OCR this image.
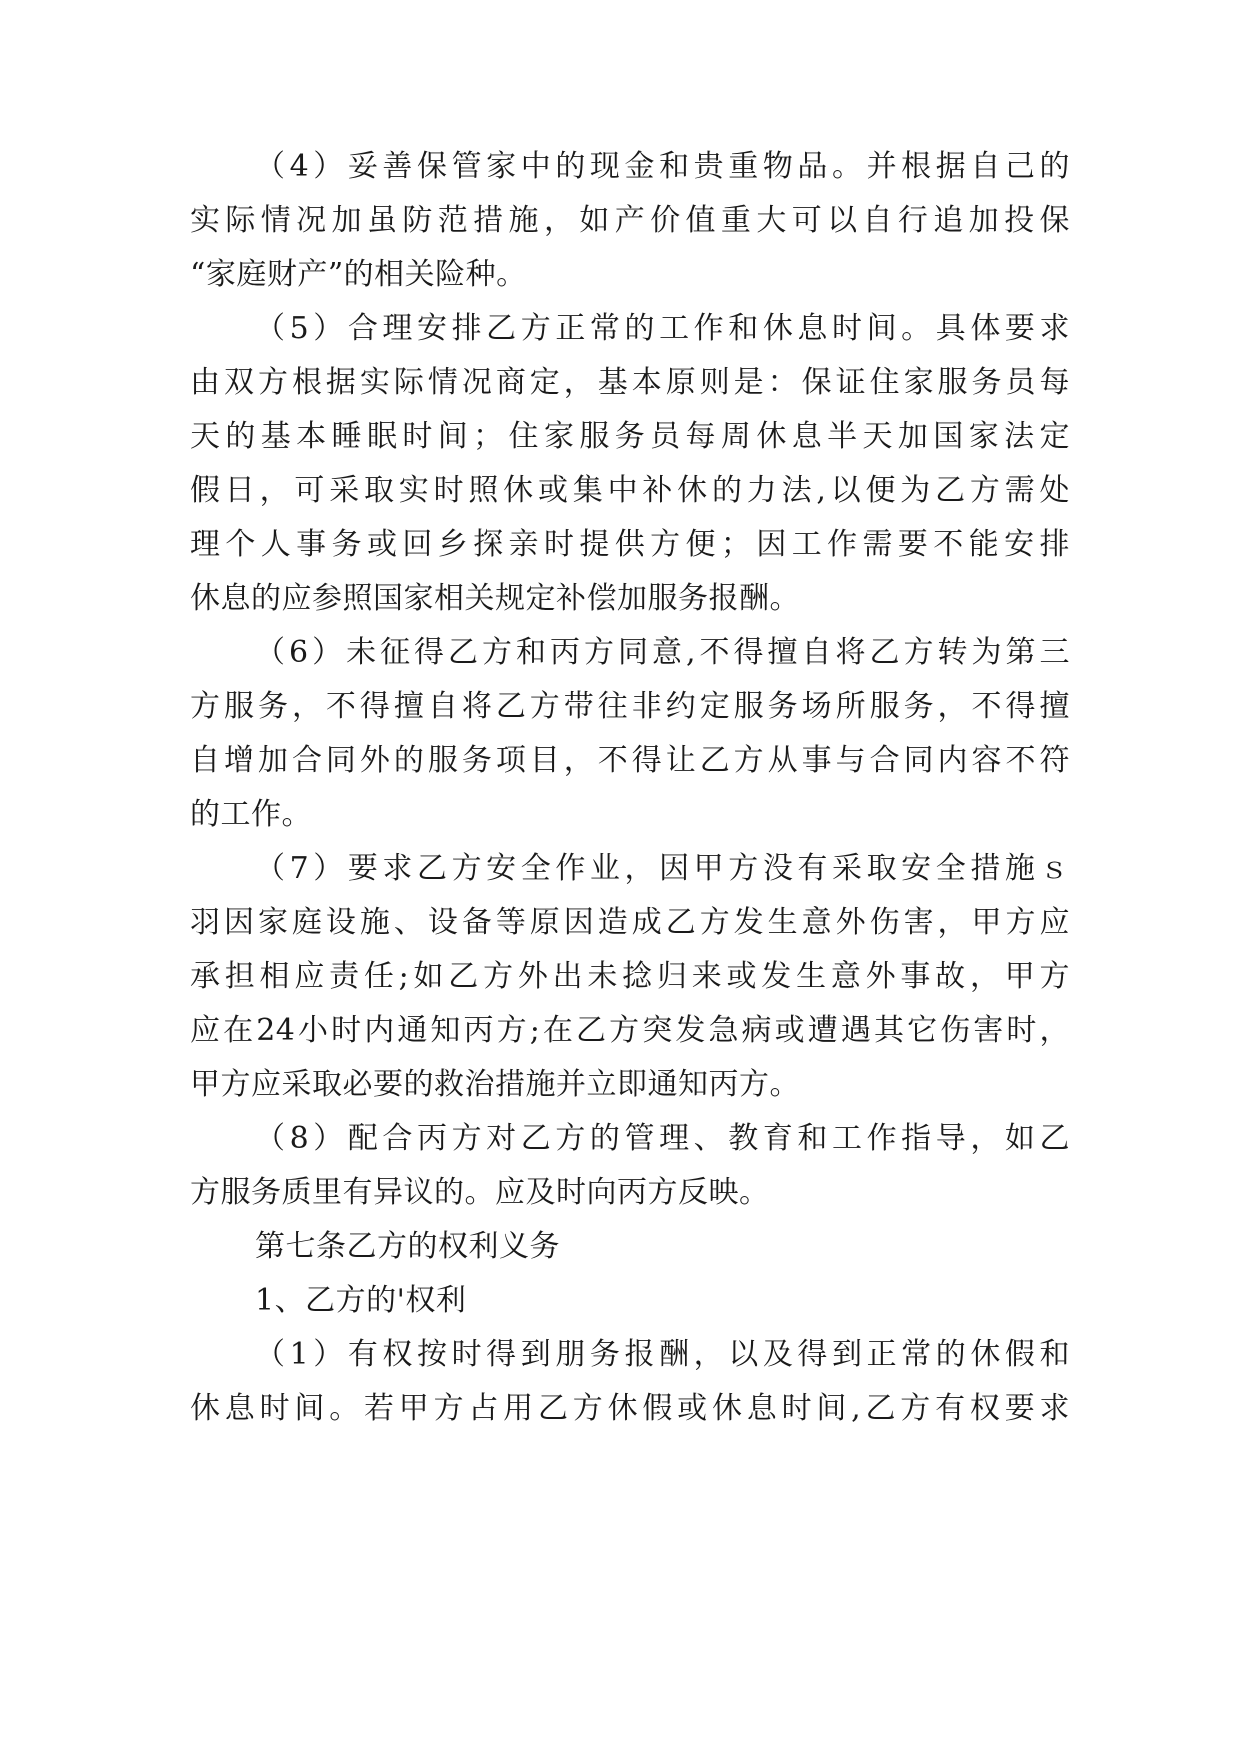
（4）妥善保管家中的现金和贵重物品。并根据自己的
实际情况加虽防范措施，如产价值重大可以自行追加投保
“家庭财产”的相关险种。
（5）合理安排乙方正常的工作和休息时间。具体要求
由双方根据实际情况商定，基本原则是：保证住家服务员每
天的基本睡眠时间；住家服务员每周休息半天加国家法定
假日，可采取实时照休或集中补休的力法,以便为乙方需处
理个人事务或回乡探亲时提供方便；因工作需要不能安排
休息的应参照国家相关规定补偿加服务报酬。
（6）未征得乙方和丙方同意,不得擅自将乙方转为第三
方服务，不得擅自将乙方带往非约定服务场所服务，不得擅
自增加合同外的服务项目，不得让乙方从事与合同内容不符
的工作。
（7）要求乙方安全作业，因甲方没有采取安全措施ｓ
羽因家庭设施、设备等原因造成乙方发生意外伤害，甲方应
承担相应责任;如乙方外出未捻归来或发生意外事故，甲方
应在24小时内通知丙方;在乙方突发急病或遭遇其它伤害时，
甲方应采取必要的救治措施并立即通知丙方。
（8）配合丙方对乙方的管理、教育和工作指导，如乙
方服务质里有异议的。应及时向丙方反映。
第七条乙方的权利义务
1、乙方的'权利
（1）有权按时得到朋务报酬，以及得到正常的休假和
休息时间。若甲方占用乙方休假或休息时间,乙方有权要求
